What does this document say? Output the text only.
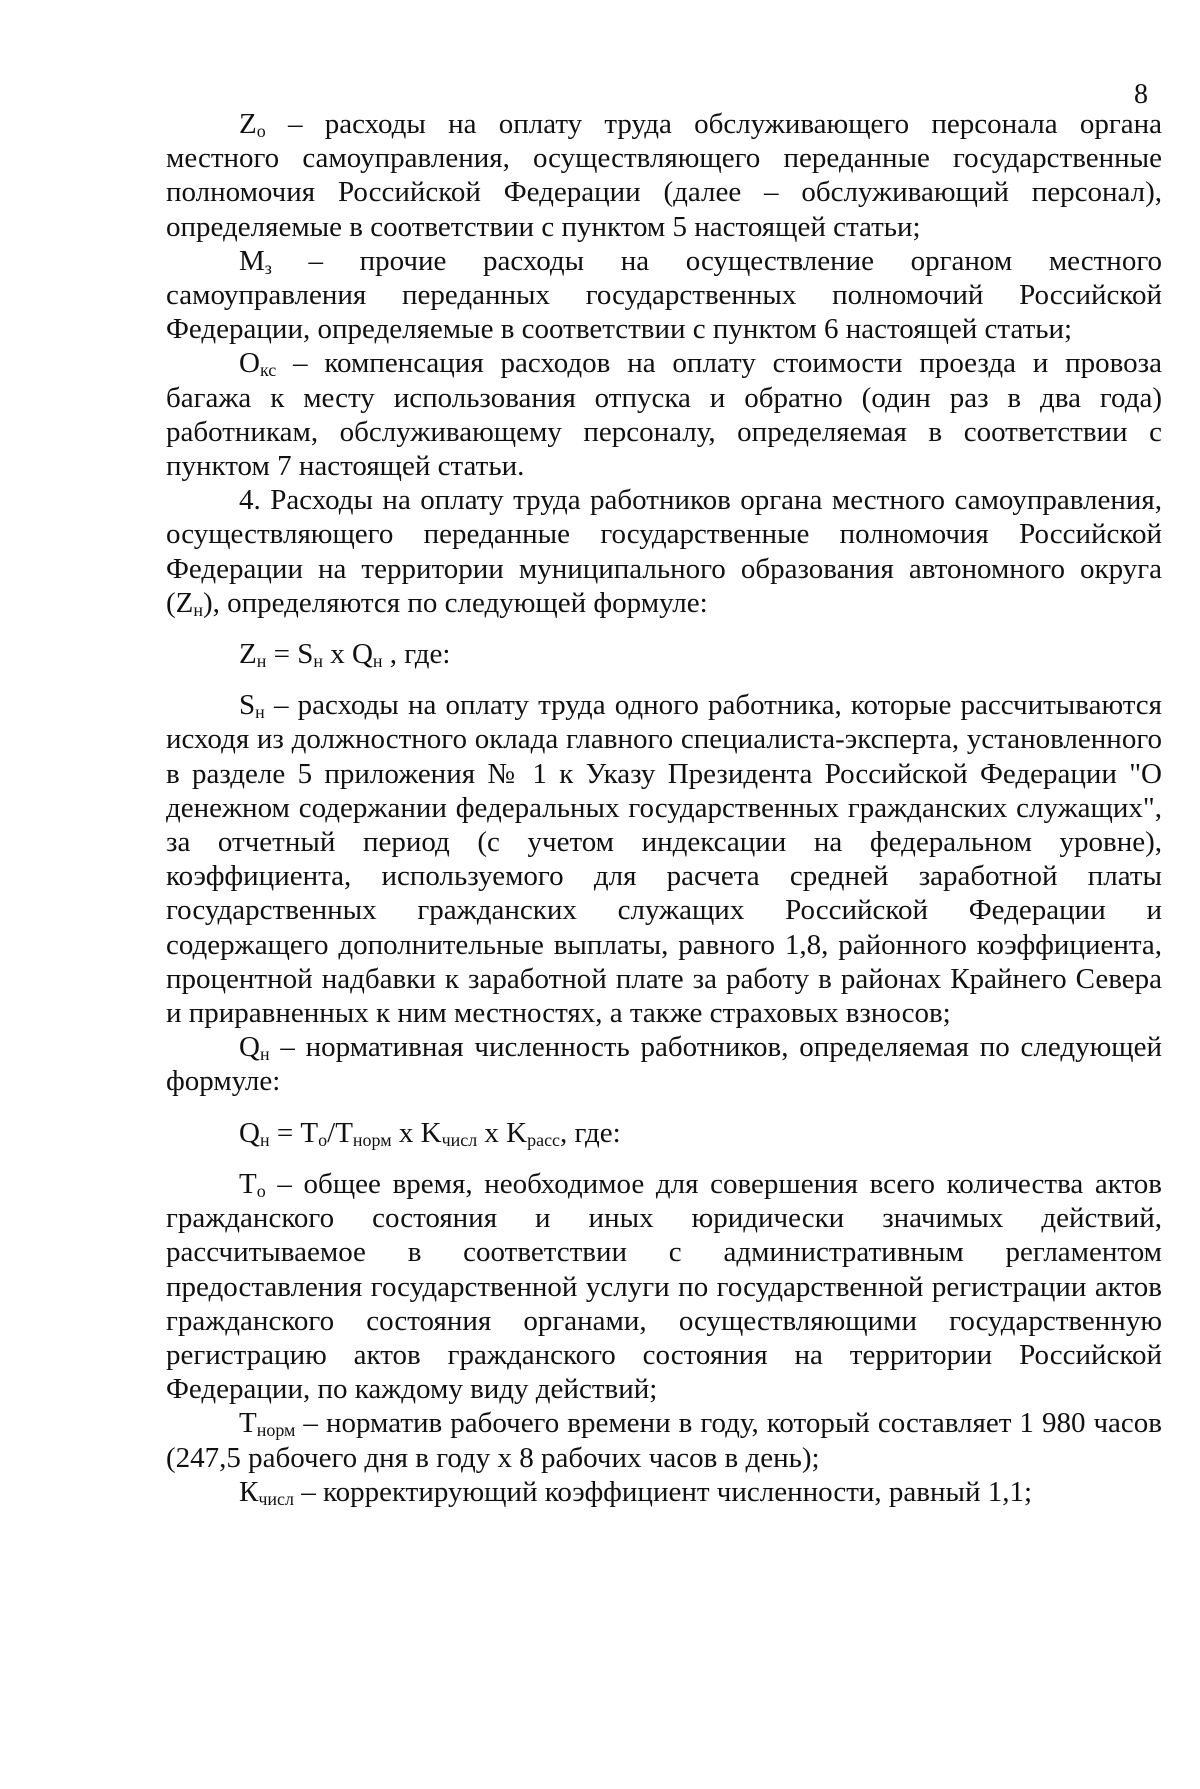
8

$Z_о$ – расходы на оплату труда обслуживающего персонала органа местного самоуправления, осуществляющего переданные государственные полномочия Российской Федерации (далее – обслуживающий персонал), определяемые в соответствии с пунктом 5 настоящей статьи;

$М_з$ – прочие расходы на осуществление органом местного самоуправления переданных государственных полномочий Российской Федерации, определяемые в соответствии с пунктом 6 настоящей статьи;

$О_{кс}$ – компенсация расходов на оплату стоимости проезда и провоза багажа к месту использования отпуска и обратно (один раз в два года) работникам, обслуживающему персоналу, определяемая в соответствии с пунктом 7 настоящей статьи.

4. Расходы на оплату труда работников органа местного самоуправления, осуществляющего переданные государственные полномочия Российской Федерации на территории муниципального образования автономного округа $(Z_н)$, определяются по следующей формуле:

$Z_н = S_н$ x $Q_н$ , где:

$S_н$ – расходы на оплату труда одного работника, которые рассчитываются исходя из должностного оклада главного специалиста-эксперта, установленного в разделе 5 приложения № 1 к Указу Президента Российской Федерации "О денежном содержании федеральных государственных гражданских служащих", за отчетный период (с учетом индексации на федеральном уровне), коэффициента, используемого для расчета средней заработной платы государственных гражданских служащих Российской Федерации и содержащего дополнительные выплаты, равного 1,8, районного коэффициента, процентной надбавки к заработной плате за работу в районах Крайнего Севера и приравненных к ним местностях, а также страховых взносов;

$Q_н$ – нормативная численность работников, определяемая по следующей формуле:

$Q_н = T_о/T_{норм}$ x $K_{числ}$ x $K_{расс}$, где:

$Т_о$ – общее время, необходимое для совершения всего количества актов гражданского состояния и иных юридически значимых действий, рассчитываемое в соответствии с административным регламентом предоставления государственной услуги по государственной регистрации актов гражданского состояния органами, осуществляющими государственную регистрацию актов гражданского состояния на территории Российской Федерации, по каждому виду действий;

$Т_{норм}$ – норматив рабочего времени в году, который составляет 1 980 часов (247,5 рабочего дня в году x 8 рабочих часов в день);

$К_{числ}$ – корректирующий коэффициент численности, равный 1,1;
